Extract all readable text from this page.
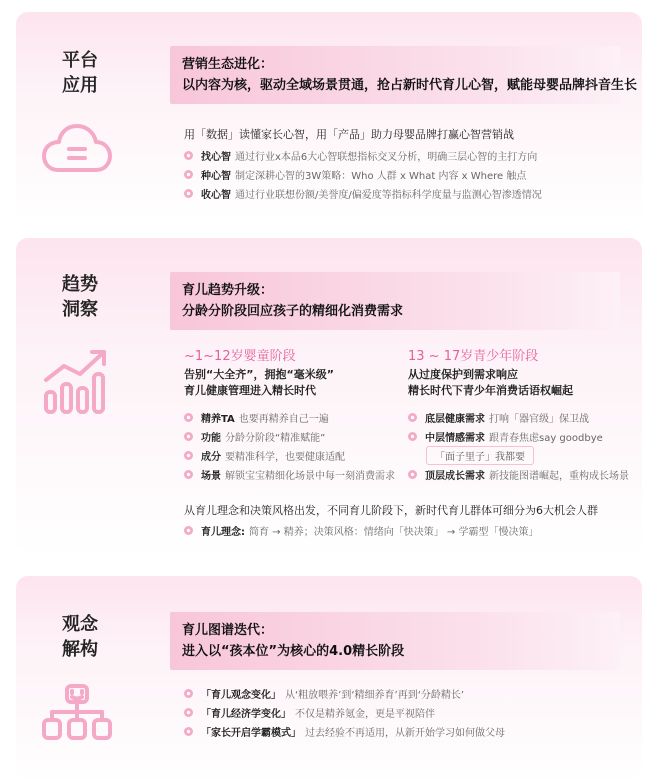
平台
应用
营销生态进化：
以内容为核，驱动全域场景贯通，抢占新时代育儿心智，赋能母婴品牌抖音生长
用「数据」读懂家长心智，用「产品」助力母婴品牌打赢心智营销战
找心智 通过行业x本品6大心智联想指标交叉分析，明确三层心智的主打方向
种心智 制定深耕心智的3W策略：Who 人群 x What 内容 x Where 触点
收心智 通过行业联想份额/美誉度/偏爱度等指标科学度量与监测心智渗透情况
趋势
洞察
育儿趋势升级：
分龄分阶段回应孩子的精细化消费需求
~1~12岁婴童阶段
告别“大全齐”，拥抱“毫米级”
育儿健康管理进入精长时代
精养TA 也要再精养自己一遍
功能 分龄分阶段“精准赋能”
成分 要精准科学，也要健康适配
场景 解锁宝宝精细化场景中每一刻消费需求
13 ~ 17岁青少年阶段
从过度保护到需求响应
精长时代下青少年消费话语权崛起
底层健康需求 打响「器官级」保卫战
中层情感需求 跟青春焦虑say goodbye
「面子里子」我都要
顶层成长需求 新技能图谱崛起，重构成长场景
从育儿理念和决策风格出发，不同育儿阶段下，新时代育儿群体可细分为6大机会人群
育儿理念: 简育 → 精养；决策风格：情绪向「快决策」 → 学霸型「慢决策」
观念
解构
育儿图谱迭代：
进入以“孩本位”为核心的4.0精长阶段
「育儿观念变化」 从‘粗放喂养’到‘精细养育’再到‘分龄精长’
「育儿经济学变化」 不仅是精养氪金，更是平视陪伴
「家长开启学霸模式」 过去经验不再适用，从新开始学习如何做父母
